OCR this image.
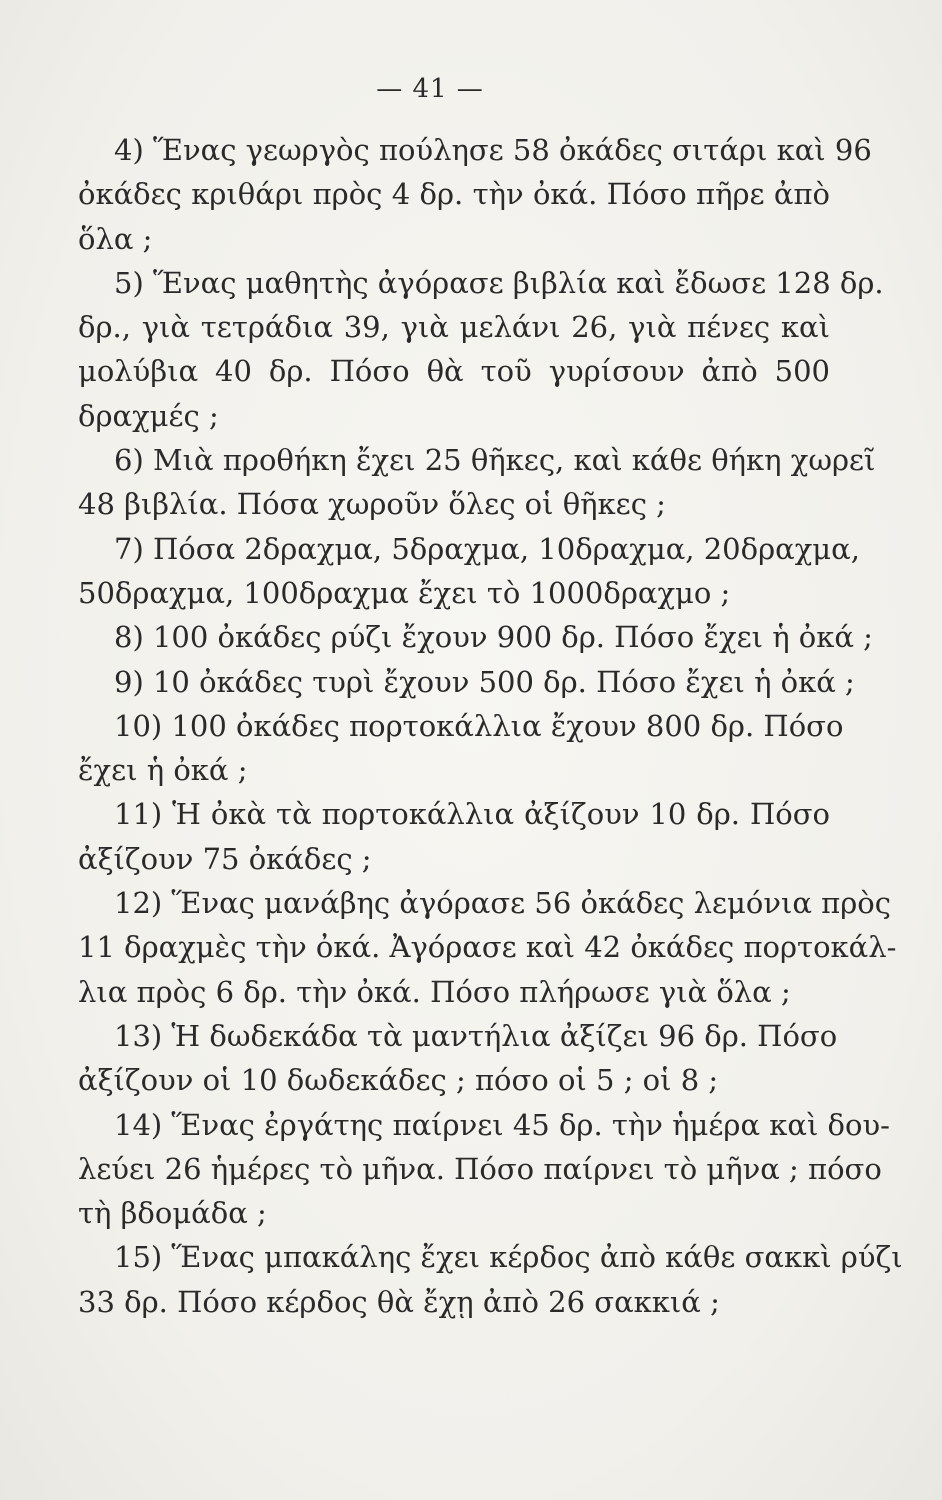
— 41 —

4) Ἕνας γεωργὸς πούλησε 58 ὀκάδες σιτάρι καὶ 96
ὀκάδες κριθάρι πρὸς 4 δρ. τὴν ὀκά. Πόσο πῆρε ἀπὸ
ὅλα ;

5) Ἕνας μαθητὴς ἀγόρασε βιβλία καὶ ἔδωσε 128 δρ.
δρ., γιὰ τετράδια 39, γιὰ μελάνι 26, γιὰ πένες καὶ
μολύβια 40 δρ. Πόσο θὰ τοῦ γυρίσουν ἀπὸ 500
δραχμές ;

6) Μιὰ προθήκη ἔχει 25 θῆκες, καὶ κάθε θήκη χωρεῖ
48 βιβλία. Πόσα χωροῦν ὅλες οἱ θῆκες ;

7) Πόσα 2δραχμα, 5δραχμα, 10δραχμα, 20δραχμα,
50δραχμα, 100δραχμα ἔχει τὸ 1000δραχμο ;

8) 100 ὀκάδες ρύζι ἔχουν 900 δρ. Πόσο ἔχει ἡ ὀκά ;

9) 10 ὀκάδες τυρὶ ἔχουν 500 δρ. Πόσο ἔχει ἡ ὀκά ;

10) 100 ὀκάδες πορτοκάλλια ἔχουν 800 δρ. Πόσο
ἔχει ἡ ὀκά ;

11) Ἡ ὀκὰ τὰ πορτοκάλλια ἀξίζουν 10 δρ. Πόσο
ἀξίζουν 75 ὀκάδες ;

12) Ἕνας μανάβης ἀγόρασε 56 ὀκάδες λεμόνια πρὸς
11 δραχμὲς τὴν ὀκά. Ἀγόρασε καὶ 42 ὀκάδες πορτοκάλ-
λια πρὸς 6 δρ. τὴν ὀκά. Πόσο πλήρωσε γιὰ ὅλα ;

13) Ἡ δωδεκάδα τὰ μαντήλια ἀξίζει 96 δρ. Πόσο
ἀξίζουν οἱ 10 δωδεκάδες ; πόσο οἱ 5 ; οἱ 8 ;

14) Ἕνας ἐργάτης παίρνει 45 δρ. τὴν ἡμέρα καὶ δου-
λεύει 26 ἡμέρες τὸ μῆνα. Πόσο παίρνει τὸ μῆνα ; πόσο
τὴ βδομάδα ;

15) Ἕνας μπακάλης ἔχει κέρδος ἀπὸ κάθε σακκὶ ρύζι
33 δρ. Πόσο κέρδος θὰ ἔχῃ ἀπὸ 26 σακκιά ;
